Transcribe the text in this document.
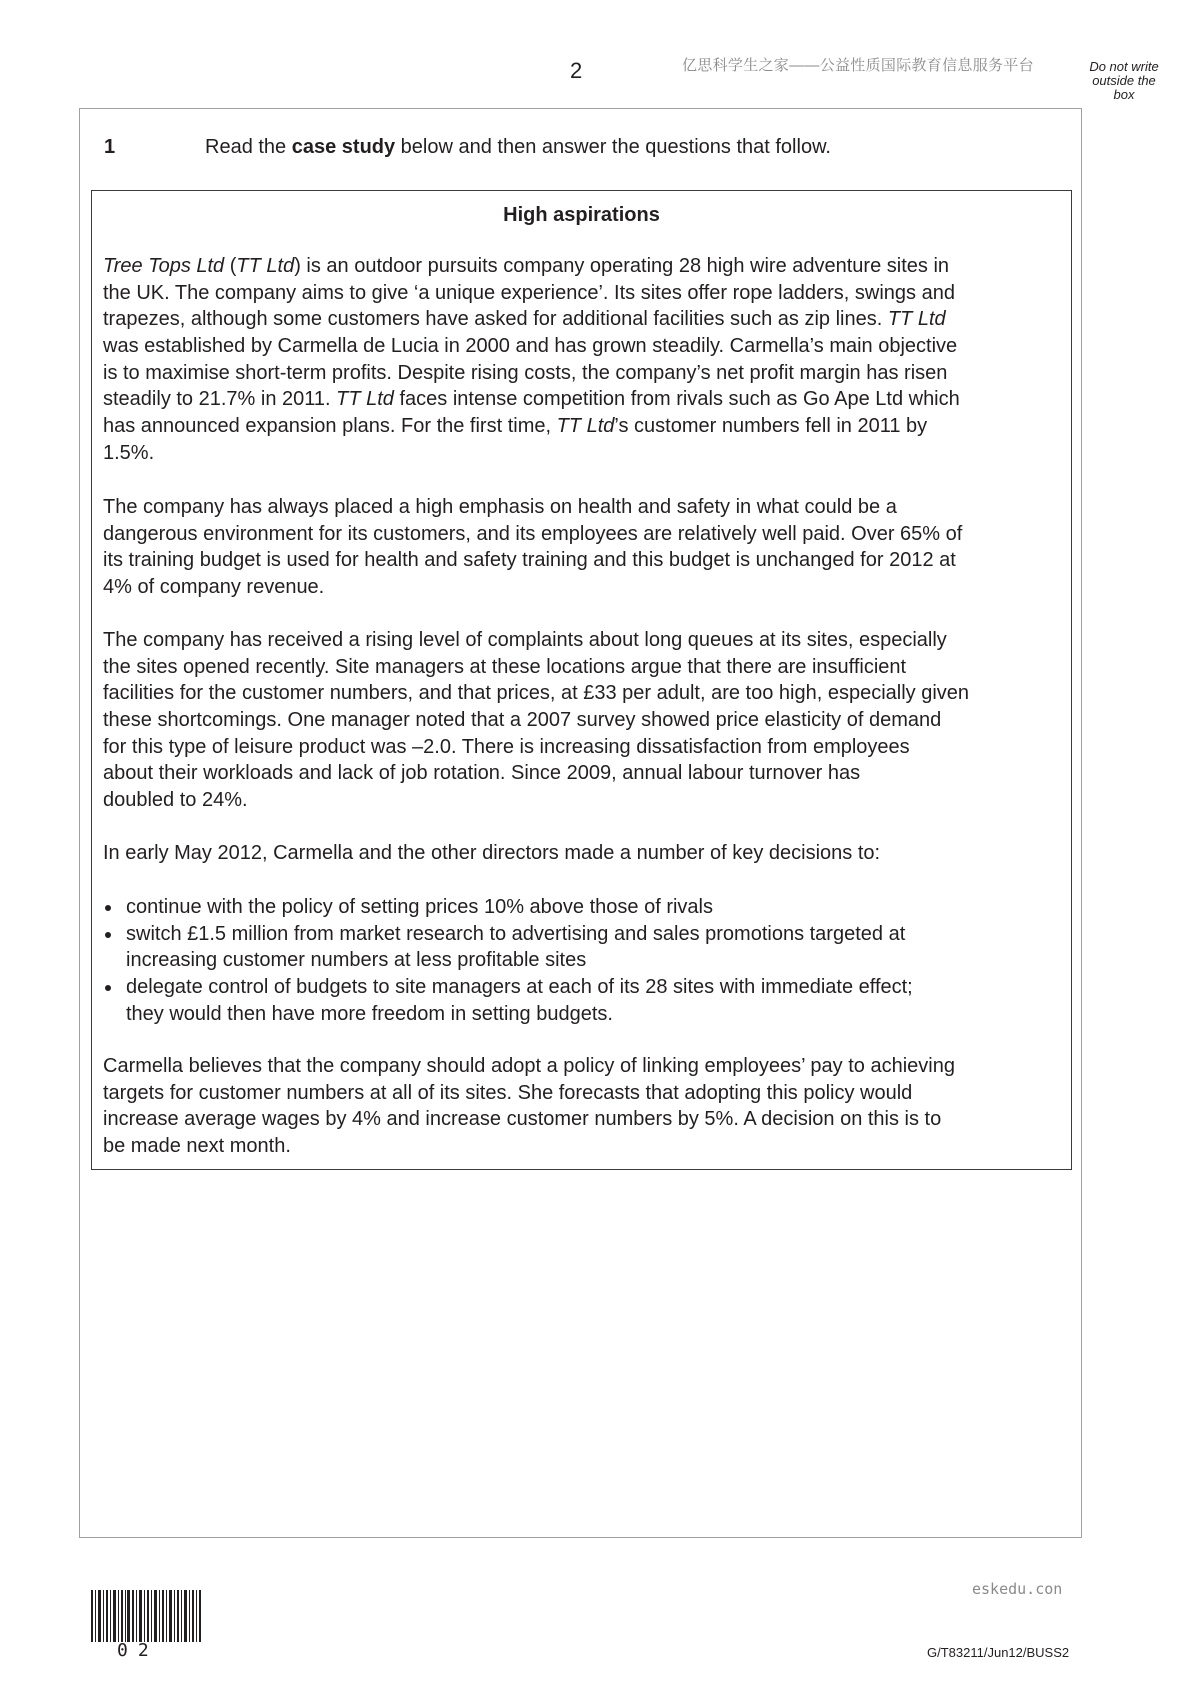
2	亿思科学生之家——公益性质国际教育信息服务平台	Do not write
outside the
box
1	Read the case study below and then answer the questions that follow.
High aspirations
Tree Tops Ltd (TT Ltd) is an outdoor pursuits company operating 28 high wire adventure sites in
the UK. The company aims to give ‘a unique experience’. Its sites offer rope ladders, swings and
trapezes, although some customers have asked for additional facilities such as zip lines. TT Ltd
was established by Carmella de Lucia in 2000 and has grown steadily. Carmella’s main objective
is to maximise short-term profits. Despite rising costs, the company’s net profit margin has risen
steadily to 21.7% in 2011. TT Ltd faces intense competition from rivals such as Go Ape Ltd which
has announced expansion plans. For the first time, TT Ltd’s customer numbers fell in 2011 by
1.5%.
The company has always placed a high emphasis on health and safety in what could be a
dangerous environment for its customers, and its employees are relatively well paid. Over 65% of
its training budget is used for health and safety training and this budget is unchanged for 2012 at
4% of company revenue.
The company has received a rising level of complaints about long queues at its sites, especially
the sites opened recently. Site managers at these locations argue that there are insufficient
facilities for the customer numbers, and that prices, at £33 per adult, are too high, especially given
these shortcomings. One manager noted that a 2007 survey showed price elasticity of demand
for this type of leisure product was –2.0. There is increasing dissatisfaction from employees
about their workloads and lack of job rotation. Since 2009, annual labour turnover has
doubled to 24%.
In early May 2012, Carmella and the other directors made a number of key decisions to:
continue with the policy of setting prices 10% above those of rivals
switch £1.5 million from market research to advertising and sales promotions targeted at
increasing customer numbers at less profitable sites
delegate control of budgets to site managers at each of its 28 sites with immediate effect;
they would then have more freedom in setting budgets.
Carmella believes that the company should adopt a policy of linking employees’ pay to achieving
targets for customer numbers at all of its sites. She forecasts that adopting this policy would
increase average wages by 4% and increase customer numbers by 5%. A decision on this is to
be made next month.
eskedu.con
02	G/T83211/Jun12/BUSS2
